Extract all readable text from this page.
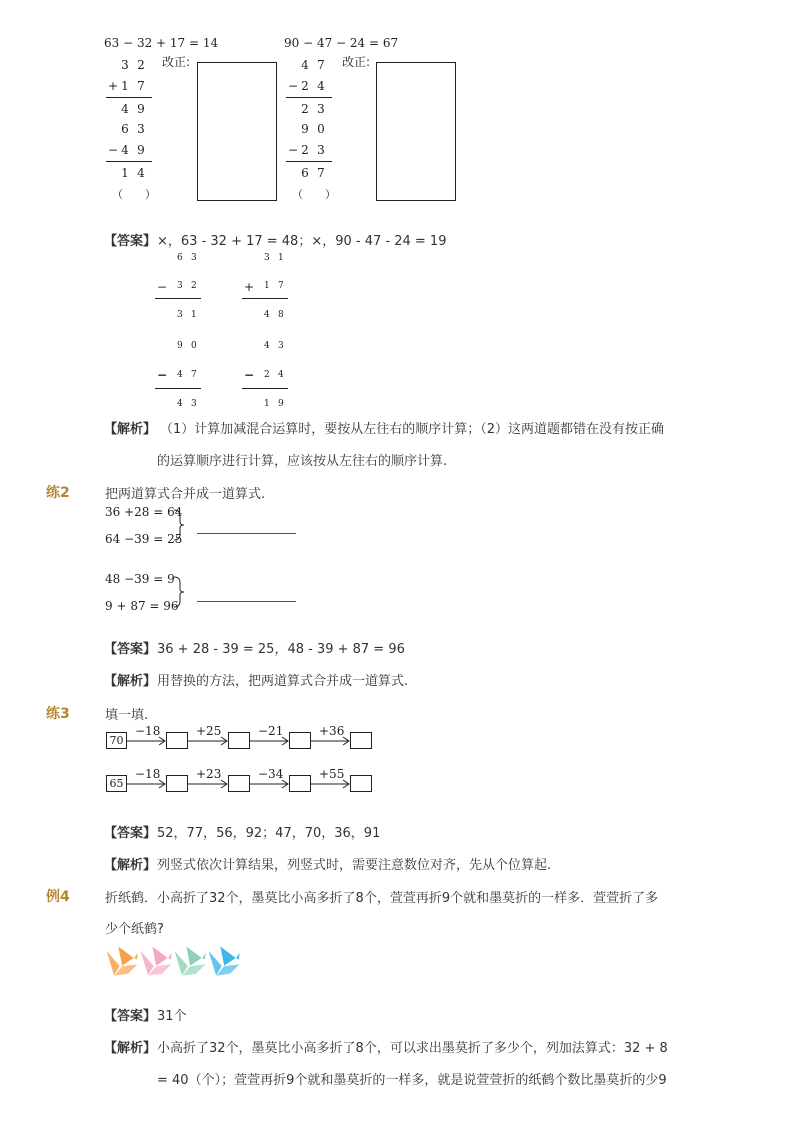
63 − 32 + 17 = 14
改正:
3 2
+ 1 7
4 9
6 3
− 4 9
1 4
（　　）
90 − 47 − 24 = 67
改正:
4 7
− 2 4
2 3
9 0
− 2 3
6 7
（　　）
【答案】 ×，63 - 32 + 17 = 48；×，90 - 47 - 24 = 19
6 3
− 3 2
3 1
9 0
− 4 7
4 3
3 1
+ 1 7
4 8
4 3
− 2 4
1 9
【解析】 （1）计算加减混合运算时，要按从左往右的顺序计算；（2）这两道题都错在没有按正确
的运算顺序进行计算，应该按从左往右的顺序计算.
练2	把两道算式合并成一道算式.
36 +28 = 64
64 −39 = 25
48 −39 = 9
9 + 87 = 96
【答案】 36 + 28 - 39 = 25，48 - 39 + 87 = 96
【解析】 用替换的方法，把两道算式合并成一道算式.
练3	填一填.
70
−18	+25	−21	+36
65
−18	+23	−34	+55
【答案】 52，77，56，92；47，70，36，91
【解析】 列竖式依次计算结果，列竖式时，需要注意数位对齐，先从个位算起.
例4	折纸鹤．小高折了32个，墨莫比小高多折了8个，萱萱再折9个就和墨莫折的一样多．萱萱折了多
少个纸鹤?
【答案】 31个
【解析】 小高折了32个，墨莫比小高多折了8个，可以求出墨莫折了多少个，列加法算式：32 + 8
= 40（个）；萱萱再折9个就和墨莫折的一样多，就是说萱萱折的纸鹤个数比墨莫折的少9
